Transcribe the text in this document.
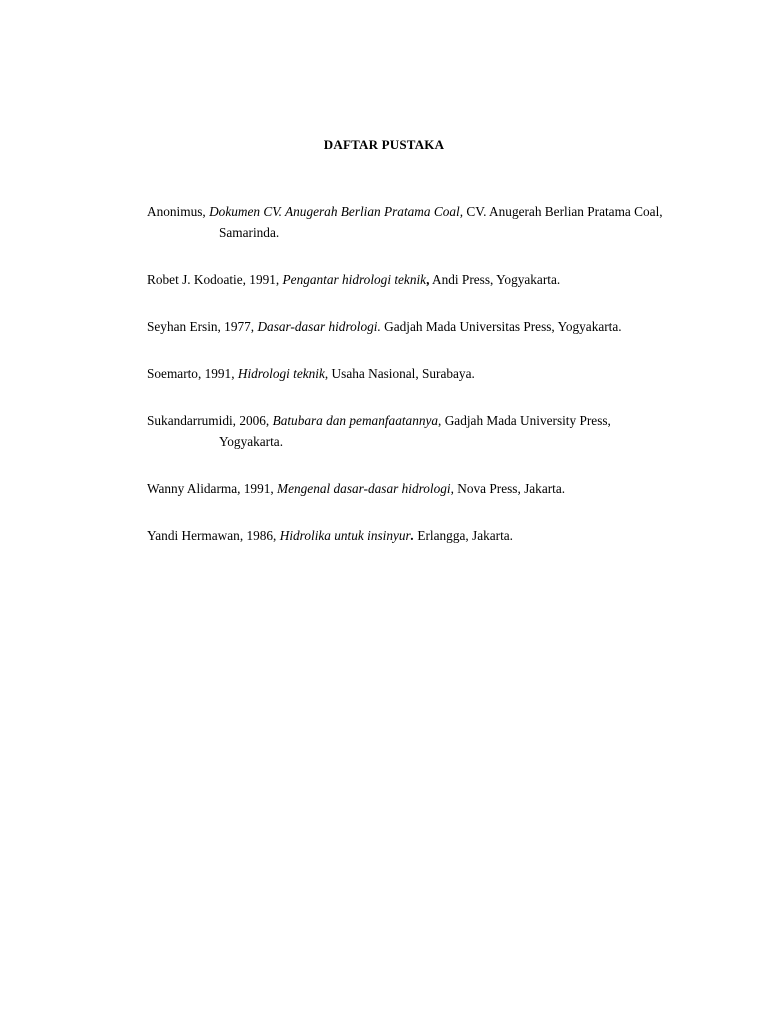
DAFTAR PUSTAKA

Anonimus, Dokumen CV. Anugerah Berlian Pratama Coal, CV. Anugerah Berlian Pratama Coal, Samarinda.

Robet J. Kodoatie, 1991, Pengantar hidrologi teknik, Andi Press, Yogyakarta.

Seyhan Ersin, 1977, Dasar-dasar hidrologi. Gadjah Mada Universitas Press, Yogyakarta.

Soemarto, 1991, Hidrologi teknik, Usaha Nasional, Surabaya.

Sukandarrumidi, 2006, Batubara dan pemanfaatannya, Gadjah Mada University Press, Yogyakarta.

Wanny Alidarma, 1991, Mengenal dasar-dasar hidrologi, Nova Press, Jakarta.

Yandi Hermawan, 1986, Hidrolika untuk insinyur. Erlangga, Jakarta.
